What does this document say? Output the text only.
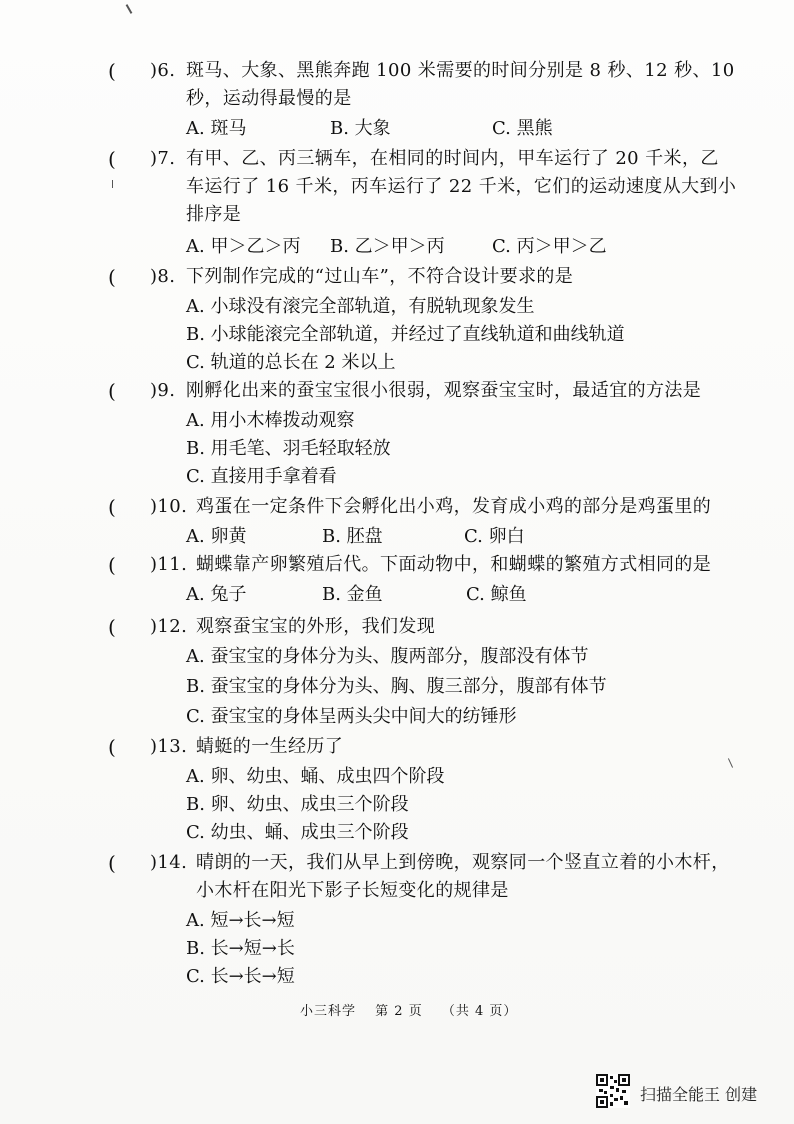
( )6. 斑马、大象、黑熊奔跑 100 米需要的时间分别是 8 秒、12 秒、10
秒，运动得最慢的是
A. 斑马	B. 大象	C. 黑熊
( )7. 有甲、乙、丙三辆车，在相同的时间内，甲车运行了 20 千米，乙
车运行了 16 千米，丙车运行了 22 千米，它们的运动速度从大到小
排序是
A. 甲＞乙＞丙 B. 乙＞甲＞丙	C. 丙＞甲＞乙
( )8. 下列制作完成的“过山车”，不符合设计要求的是
A. 小球没有滚完全部轨道，有脱轨现象发生
B. 小球能滚完全部轨道，并经过了直线轨道和曲线轨道
C. 轨道的总长在 2 米以上
( )9. 刚孵化出来的蚕宝宝很小很弱，观察蚕宝宝时，最适宜的方法是
A. 用小木棒拨动观察
B. 用毛笔、羽毛轻取轻放
C. 直接用手拿着看
( )10. 鸡蛋在一定条件下会孵化出小鸡，发育成小鸡的部分是鸡蛋里的
A. 卵黄	B. 胚盘	C. 卵白
( )11. 蝴蝶靠产卵繁殖后代。下面动物中，和蝴蝶的繁殖方式相同的是
A. 兔子	B. 金鱼	C. 鲸鱼
( )12. 观察蚕宝宝的外形，我们发现
A. 蚕宝宝的身体分为头、腹两部分，腹部没有体节
B. 蚕宝宝的身体分为头、胸、腹三部分，腹部有体节
C. 蚕宝宝的身体呈两头尖中间大的纺锤形
( )13. 蜻蜓的一生经历了
A. 卵、幼虫、蛹、成虫四个阶段
B. 卵、幼虫、成虫三个阶段
C. 幼虫、蛹、成虫三个阶段
( )14. 晴朗的一天，我们从早上到傍晚，观察同一个竖直立着的小木杆，
小木杆在阳光下影子长短变化的规律是
A. 短→长→短
B. 长→短→长
C. 长→长→短
小三科学 第 2 页 （共 4 页）
扫描全能王 创建
